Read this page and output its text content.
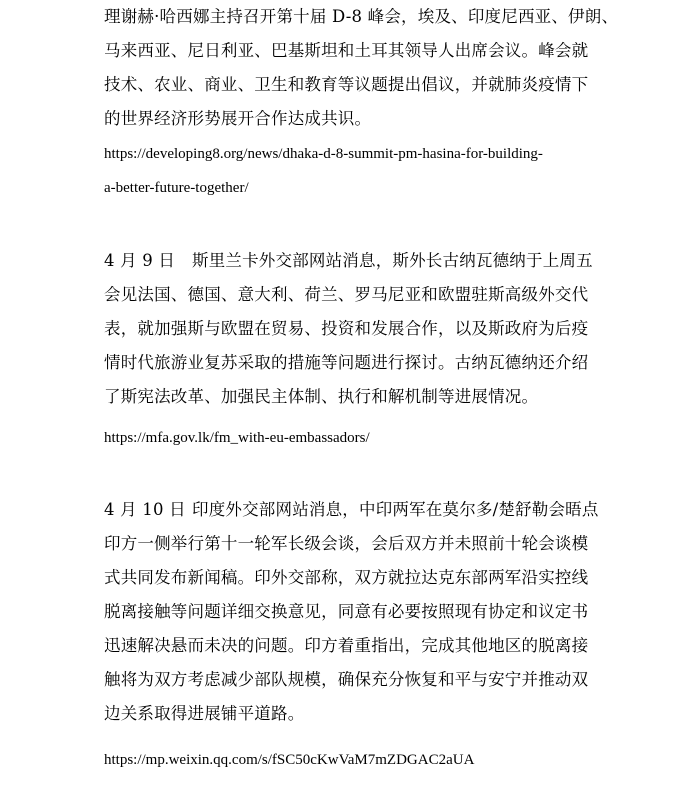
理谢赫·哈西娜主持召开第十届 D-8 峰会，埃及、印度尼西亚、伊朗、
马来西亚、尼日利亚、巴基斯坦和土耳其领导人出席会议。峰会就
技术、农业、商业、卫生和教育等议题提出倡议，并就肺炎疫情下
的世界经济形势展开合作达成共识。

https://developing8.org/news/dhaka-d-8-summit-pm-hasina-for-building-
a-better-future-together/

4 月 9 日 斯里兰卡外交部网站消息，斯外长古纳瓦德纳于上周五
会见法国、德国、意大利、荷兰、罗马尼亚和欧盟驻斯高级外交代
表，就加强斯与欧盟在贸易、投资和发展合作，以及斯政府为后疫
情时代旅游业复苏采取的措施等问题进行探讨。古纳瓦德纳还介绍
了斯宪法改革、加强民主体制、执行和解机制等进展情况。

https://mfa.gov.lk/fm_with-eu-embassadors/

4 月 10 日 印度外交部网站消息，中印两军在莫尔多/楚舒勒会晤点
印方一侧举行第十一轮军长级会谈，会后双方并未照前十轮会谈模
式共同发布新闻稿。印外交部称，双方就拉达克东部两军沿实控线
脱离接触等问题详细交换意见，同意有必要按照现有协定和议定书
迅速解决悬而未决的问题。印方着重指出，完成其他地区的脱离接
触将为双方考虑减少部队规模，确保充分恢复和平与安宁并推动双
边关系取得进展铺平道路。

https://mp.weixin.qq.com/s/fSC50cKwVaM7mZDGAC2aUA
